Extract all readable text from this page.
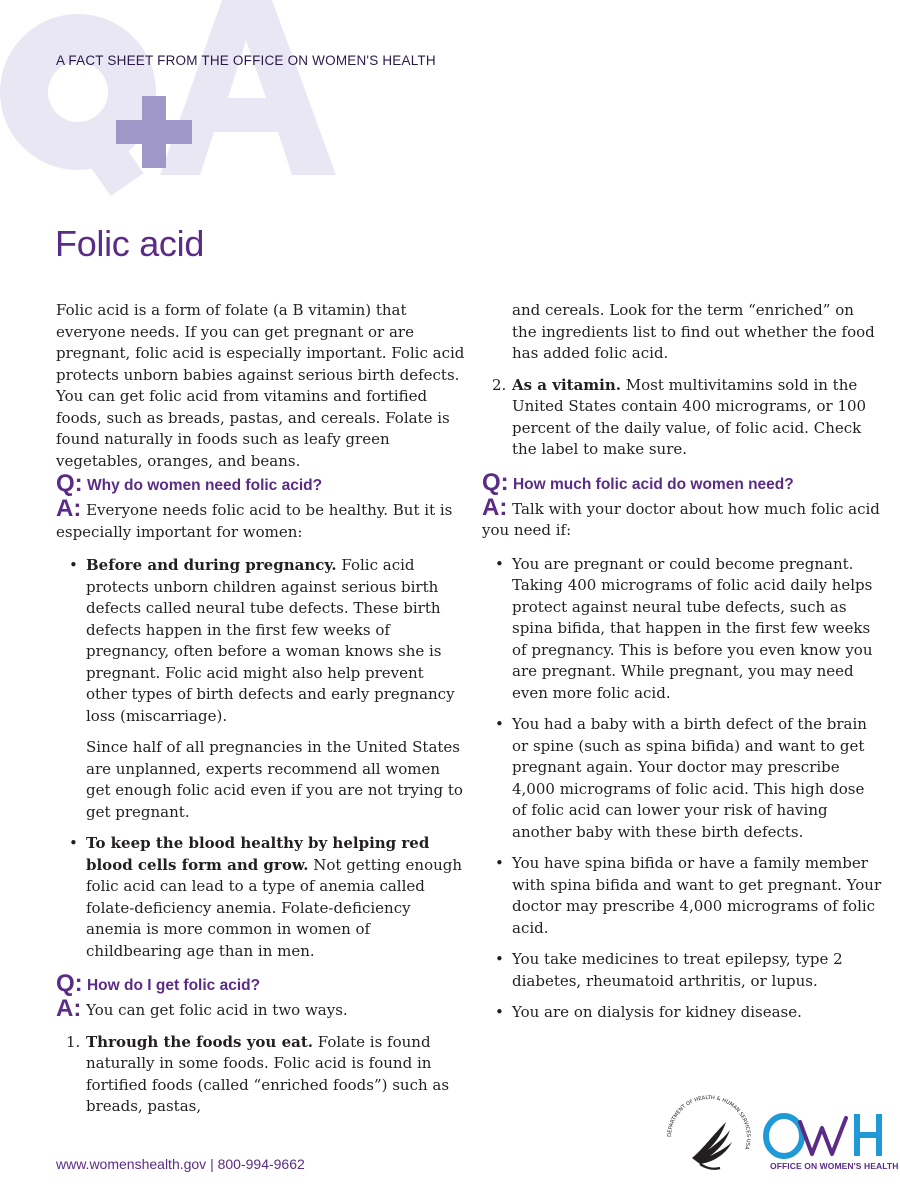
A FACT SHEET FROM THE OFFICE ON WOMEN'S HEALTH
Folic acid

Folic acid is a form of folate (a B vitamin) that everyone needs. If you can get pregnant or are pregnant, folic acid is especially important. Folic acid protects unborn babies against serious birth defects. You can get folic acid from vitamins and fortified foods, such as breads, pastas, and cereals. Folate is found naturally in foods such as leafy green vegetables, oranges, and beans.

Q: Why do women need folic acid?

A: Everyone needs folic acid to be healthy. But it is especially important for women:

• Before and during pregnancy. Folic acid protects unborn children against serious birth defects called neural tube defects. These birth defects happen in the first few weeks of pregnancy, often before a woman knows she is pregnant. Folic acid might also help prevent other types of birth defects and early pregnancy loss (miscarriage).

Since half of all pregnancies in the United States are unplanned, experts recommend all women get enough folic acid even if you are not trying to get pregnant.

• To keep the blood healthy by helping red blood cells form and grow. Not getting enough folic acid can lead to a type of anemia called folate-deficiency anemia. Folate-deficiency anemia is more common in women of childbearing age than in men.

Q: How do I get folic acid?

A: You can get folic acid in two ways.

1. Through the foods you eat. Folate is found naturally in some foods. Folic acid is found in fortified foods (called “enriched foods”) such as breads, pastas,

and cereals. Look for the term “enriched” on the ingredients list to find out whether the food has added folic acid.

2. As a vitamin. Most multivitamins sold in the United States contain 400 micrograms, or 100 percent of the daily value, of folic acid. Check the label to make sure.

Q: How much folic acid do women need?

A: Talk with your doctor about how much folic acid you need if:

• You are pregnant or could become pregnant. Taking 400 micrograms of folic acid daily helps protect against neural tube defects, such as spina bifida, that happen in the first few weeks of pregnancy. This is before you even know you are pregnant. While pregnant, you may need even more folic acid.
• You had a baby with a birth defect of the brain or spine (such as spina bifida) and want to get pregnant again. Your doctor may prescribe 4,000 micrograms of folic acid. This high dose of folic acid can lower your risk of having another baby with these birth defects.
• You have spina bifida or have a family member with spina bifida and want to get pregnant. Your doctor may prescribe 4,000 micrograms of folic acid.
• You take medicines to treat epilepsy, type 2 diabetes, rheumatoid arthritis, or lupus.
• You are on dialysis for kidney disease.
www.womenshealth.gov | 800-994-9662
DEPARTMENT OF HEALTH & HUMAN SERVICES·USA
OFFICE ON WOMEN'S HEALTH
